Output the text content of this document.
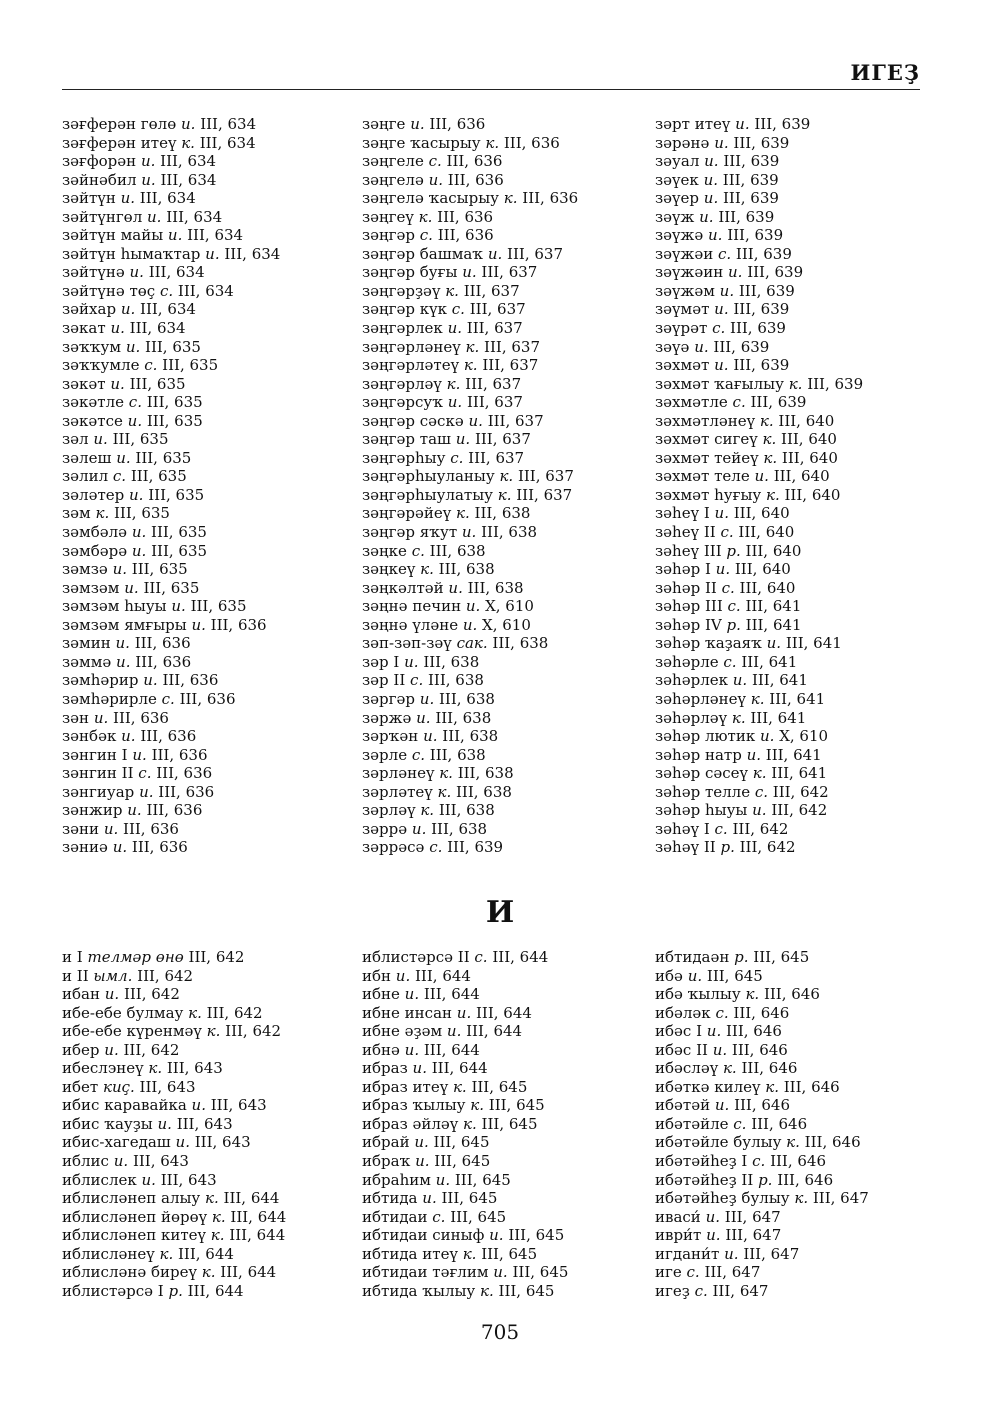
ИГЕҘ
зәғферән гөлө и. III, 634
зәғферән итеү к. III, 634
зәғфорән и. III, 634
зәйнәбил и. III, 634
зәйтүн и. III, 634
зәйтүнгөл и. III, 634
зәйтүн майы и. III, 634
зәйтүн һымаҡтар и. III, 634
зәйтүнә и. III, 634
зәйтүнә төҫ с. III, 634
зәйхар и. III, 634
зәкат и. III, 634
зәҡҡум и. III, 635
зәҡҡумле с. III, 635
зәкәт и. III, 635
зәкәтле с. III, 635
зәкәтсе и. III, 635
зәл и. III, 635
зәлеш и. III, 635
зәлил с. III, 635
зәләтер и. III, 635
зәм к. III, 635
зәмбәлә и. III, 635
зәмбәрә и. III, 635
зәмзә и. III, 635
зәмзәм и. III, 635
зәмзәм һыуы и. III, 635
зәмзәм ямғыры и. III, 636
зәмин и. III, 636
зәммә и. III, 636
зәмһәрир и. III, 636
зәмһәрирле с. III, 636
зән и. III, 636
зәнбәк и. III, 636
зәнгин I и. III, 636
зәнгин II с. III, 636
зәнгиуар и. III, 636
зәнжир и. III, 636
зәни и. III, 636
зәниә и. III, 636
зәңге и. III, 636
зәңге ҡасырыу к. III, 636
зәңгеле с. III, 636
зәңгелә и. III, 636
зәңгелә ҡасырыу к. III, 636
зәңгеү к. III, 636
зәңгәр с. III, 636
зәңгәр башмаҡ и. III, 637
зәңгәр буғы и. III, 637
зәңгәрҙәү к. III, 637
зәңгәр күк с. III, 637
зәңгәрлек и. III, 637
зәңгәрләнеү к. III, 637
зәңгәрләтеү к. III, 637
зәңгәрләү к. III, 637
зәңгәрсуҡ и. III, 637
зәңгәр сәскә и. III, 637
зәңгәр таш и. III, 637
зәңгәрһыу с. III, 637
зәңгәрһыуланыу к. III, 637
зәңгәрһыулатыу к. III, 637
зәңгәрәйеү к. III, 638
зәңгәр яҡут и. III, 638
зәңке с. III, 638
зәңкеү к. III, 638
зәңкәлтәй и. III, 638
зәңнә печин и. X, 610
зәңнә үләне и. X, 610
зәп-зәп-зәү сак. III, 638
зәр I и. III, 638
зәр II с. III, 638
зәргәр и. III, 638
зәржә и. III, 638
зәрҡән и. III, 638
зәрле с. III, 638
зәрләнеү к. III, 638
зәрләтеү к. III, 638
зәрләү к. III, 638
зәррә и. III, 638
зәррәсә с. III, 639
зәрт итеү и. III, 639
зәрәнә и. III, 639
зәуал и. III, 639
зәүек и. III, 639
зәүер и. III, 639
зәүж и. III, 639
зәүжә и. III, 639
зәүжәи с. III, 639
зәүжәин и. III, 639
зәүжәм и. III, 639
зәүмәт и. III, 639
зәүрәт с. III, 639
зәүә и. III, 639
зәхмәт и. III, 639
зәхмәт ҡағылыу к. III, 639
зәхмәтле с. III, 639
зәхмәтләнеү к. III, 640
зәхмәт сигеү к. III, 640
зәхмәт тейеү к. III, 640
зәхмәт теле и. III, 640
зәхмәт һуғыу к. III, 640
зәһеү I и. III, 640
зәһеү II с. III, 640
зәһеү III р. III, 640
зәһәр I и. III, 640
зәһәр II с. III, 640
зәһәр III с. III, 641
зәһәр IV р. III, 641
зәһәр ҡаҙаяҡ и. III, 641
зәһәрле с. III, 641
зәһәрлек и. III, 641
зәһәрләнеү к. III, 641
зәһәрләү к. III, 641
зәһәр лютик и. X, 610
зәһәр натр и. III, 641
зәһәр сәсеү к. III, 641
зәһәр телле с. III, 642
зәһәр һыуы и. III, 642
зәһәү I с. III, 642
зәһәү II р. III, 642
И
и I телмәр өнө III, 642
и II ымл. III, 642
ибан и. III, 642
ибе-ебе булмау к. III, 642
ибе-ебе күренмәү к. III, 642
ибер и. III, 642
ибеслэнеү к. III, 643
ибет киҫ. III, 643
ибис каравайка и. III, 643
ибис ҡауҙы и. III, 643
ибис-хагедаш и. III, 643
иблис и. III, 643
иблислек и. III, 643
иблисләнеп алыу к. III, 644
иблисләнеп йөрөү к. III, 644
иблисләнеп китеү к. III, 644
иблисләнеү к. III, 644
иблисләнә биреү к. III, 644
иблистәрсә I р. III, 644
иблистәрсә II с. III, 644
ибн и. III, 644
ибне и. III, 644
ибне инсан и. III, 644
ибне әҙәм и. III, 644
ибнә и. III, 644
ибраз и. III, 644
ибраз итеү к. III, 645
ибраз ҡылыу к. III, 645
ибраз әйләү к. III, 645
ибрай и. III, 645
ибраҡ и. III, 645
ибраһим и. III, 645
ибтида и. III, 645
ибтидаи с. III, 645
ибтидаи синыф и. III, 645
ибтида итеү к. III, 645
ибтидаи тәғлим и. III, 645
ибтида ҡылыу к. III, 645
ибтидаән р. III, 645
ибә и. III, 645
ибә ҡылыу к. III, 646
ибәләк с. III, 646
ибәс I и. III, 646
ибәс II и. III, 646
ибәсләү к. III, 646
ибәткә килеү к. III, 646
ибәтәй и. III, 646
ибәтәйле с. III, 646
ибәтәйле булыу к. III, 646
ибәтәйһеҙ I с. III, 646
ибәтәйһеҙ II р. III, 646
ибәтәйһеҙ булыу к. III, 647
иваси́ и. III, 647
иври́т и. III, 647
игдани́т и. III, 647
иге с. III, 647
игеҙ с. III, 647
705
